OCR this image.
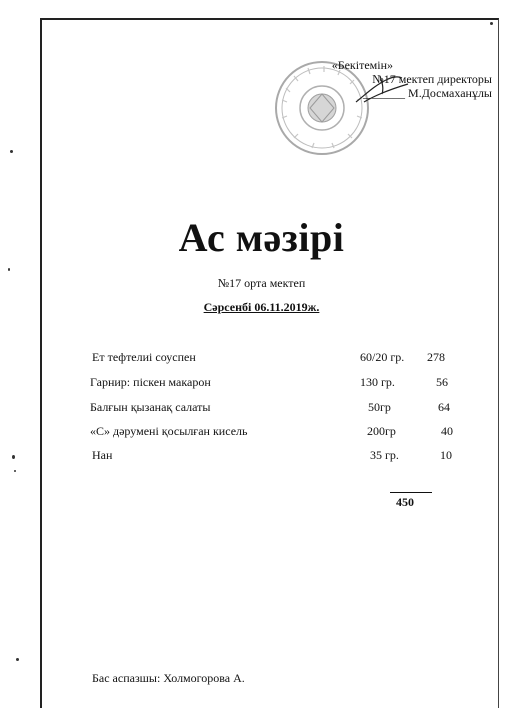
«Бекітемін»
№17 мектеп директоры
_______ М.Досмаханұлы
Ас мәзірі
№17 орта мектеп
Сәрсенбі 06.11.2019ж.
Ет тефтелиі соуспен	60/20 гр. 278
Гарнир: піскен макарон	130 гр.	56
Балғын қызанақ салаты	50гр	64
«С» дәрумені қосылған кисель	200гр	40
Нан	35 гр.	10
450
Бас аспазшы: Холмогорова А.
